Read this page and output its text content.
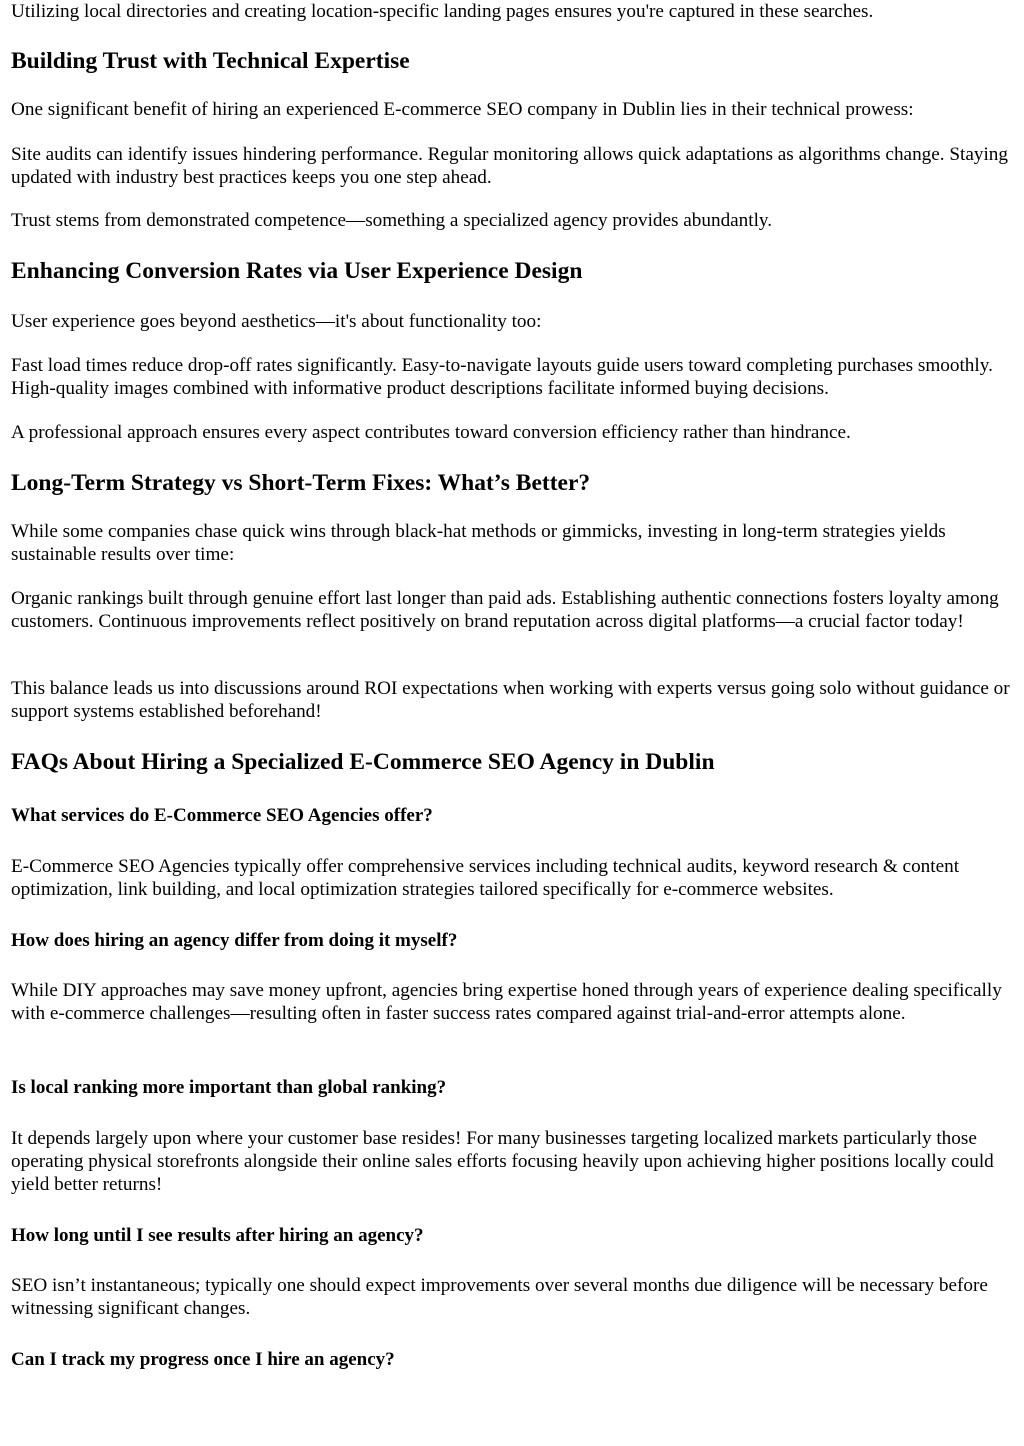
Utilizing local directories and creating location-specific landing pages ensures you're captured in these searches.

Building Trust with Technical Expertise

One significant benefit of hiring an experienced E-commerce SEO company in Dublin lies in their technical prowess:

Site audits can identify issues hindering performance. Regular monitoring allows quick adaptations as algorithms change. Staying updated with industry best practices keeps you one step ahead.

Trust stems from demonstrated competence—something a specialized agency provides abundantly.

Enhancing Conversion Rates via User Experience Design

User experience goes beyond aesthetics—it's about functionality too:

Fast load times reduce drop-off rates significantly. Easy-to-navigate layouts guide users toward completing purchases smoothly. High-quality images combined with informative product descriptions facilitate informed buying decisions.

A professional approach ensures every aspect contributes toward conversion efficiency rather than hindrance.

Long-Term Strategy vs Short-Term Fixes: What’s Better?

While some companies chase quick wins through black-hat methods or gimmicks, investing in long-term strategies yields sustainable results over time:

Organic rankings built through genuine effort last longer than paid ads. Establishing authentic connections fosters loyalty among customers. Continuous improvements reflect positively on brand reputation across digital platforms—a crucial factor today!

This balance leads us into discussions around ROI expectations when working with experts versus going solo without guidance or support systems established beforehand!

FAQs About Hiring a Specialized E-Commerce SEO Agency in Dublin
What services do E-Commerce SEO Agencies offer?

E-Commerce SEO Agencies typically offer comprehensive services including technical audits, keyword research & content optimization, link building, and local optimization strategies tailored specifically for e-commerce websites.

How does hiring an agency differ from doing it myself?

While DIY approaches may save money upfront, agencies bring expertise honed through years of experience dealing specifically with e-commerce challenges—resulting often in faster success rates compared against trial-and-error attempts alone.

Is local ranking more important than global ranking?

It depends largely upon where your customer base resides! For many businesses targeting localized markets particularly those operating physical storefronts alongside their online sales efforts focusing heavily upon achieving higher positions locally could yield better returns!

How long until I see results after hiring an agency?

SEO isn’t instantaneous; typically one should expect improvements over several months due diligence will be necessary before witnessing significant changes.

Can I track my progress once I hire an agency?
